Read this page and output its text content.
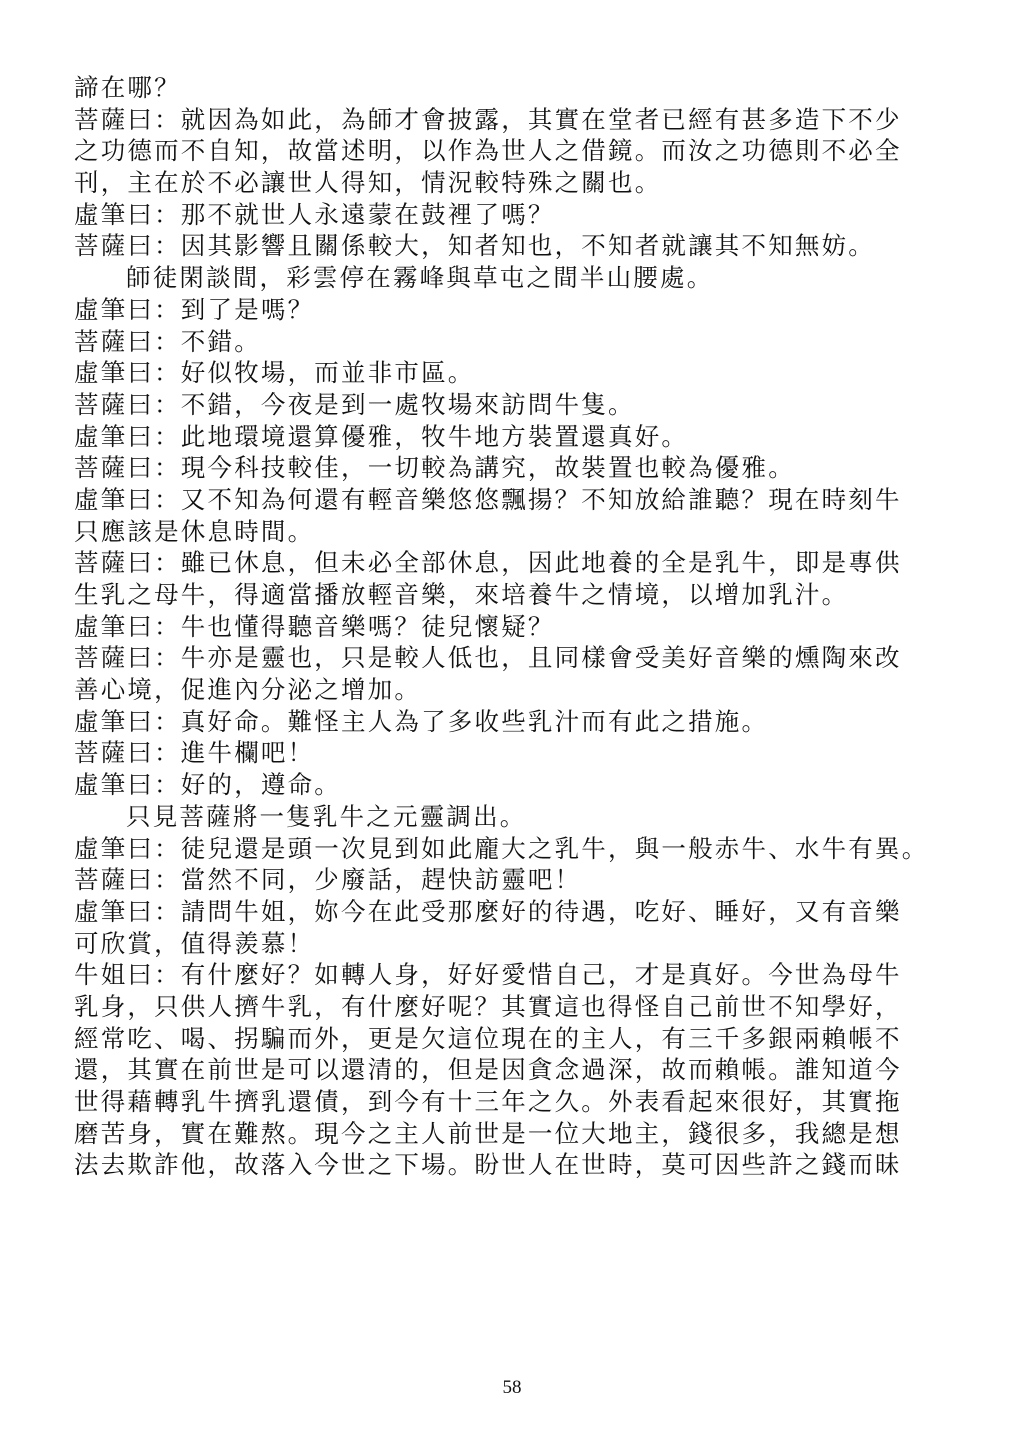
諦在哪？
菩薩曰：就因為如此，為師才會披露，其實在堂者已經有甚多造下不少
之功德而不自知，故當述明，以作為世人之借鏡。而汝之功德則不必全
刊，主在於不必讓世人得知，情況較特殊之關也。
虛筆曰：那不就世人永遠蒙在鼓裡了嗎？
菩薩曰：因其影響且關係較大，知者知也，不知者就讓其不知無妨。
師徒閑談間，彩雲停在霧峰與草屯之間半山腰處。
虛筆曰：到了是嗎？
菩薩曰：不錯。
虛筆曰：好似牧場，而並非市區。
菩薩曰：不錯，今夜是到一處牧場來訪問牛隻。
虛筆曰：此地環境還算優雅，牧牛地方裝置還真好。
菩薩曰：現今科技較佳，一切較為講究，故裝置也較為優雅。
虛筆曰：又不知為何還有輕音樂悠悠飄揚？不知放給誰聽？現在時刻牛
只應該是休息時間。
菩薩曰：雖已休息，但未必全部休息，因此地養的全是乳牛，即是專供
生乳之母牛，得適當播放輕音樂，來培養牛之情境，以增加乳汁。
虛筆曰：牛也懂得聽音樂嗎？徒兒懷疑？
菩薩曰：牛亦是靈也，只是較人低也，且同樣會受美好音樂的燻陶來改
善心境，促進內分泌之增加。
虛筆曰：真好命。難怪主人為了多收些乳汁而有此之措施。
菩薩曰：進牛欄吧！
虛筆曰：好的，遵命。
只見菩薩將一隻乳牛之元靈調出。
虛筆曰：徒兒還是頭一次見到如此龐大之乳牛，與一般赤牛、水牛有異。
菩薩曰：當然不同，少廢話，趕快訪靈吧！
虛筆曰：請問牛姐，妳今在此受那麼好的待遇，吃好、睡好，又有音樂
可欣賞，值得羨慕！
牛姐曰：有什麼好？如轉人身，好好愛惜自己，才是真好。今世為母牛
乳身，只供人擠牛乳，有什麼好呢？其實這也得怪自己前世不知學好，
經常吃、喝、拐騙而外，更是欠這位現在的主人，有三千多銀兩賴帳不
還，其實在前世是可以還清的，但是因貪念過深，故而賴帳。誰知道今
世得藉轉乳牛擠乳還債，到今有十三年之久。外表看起來很好，其實拖
磨苦身，實在難熬。現今之主人前世是一位大地主，錢很多，我總是想
法去欺詐他，故落入今世之下場。盼世人在世時，莫可因些許之錢而昧
58
